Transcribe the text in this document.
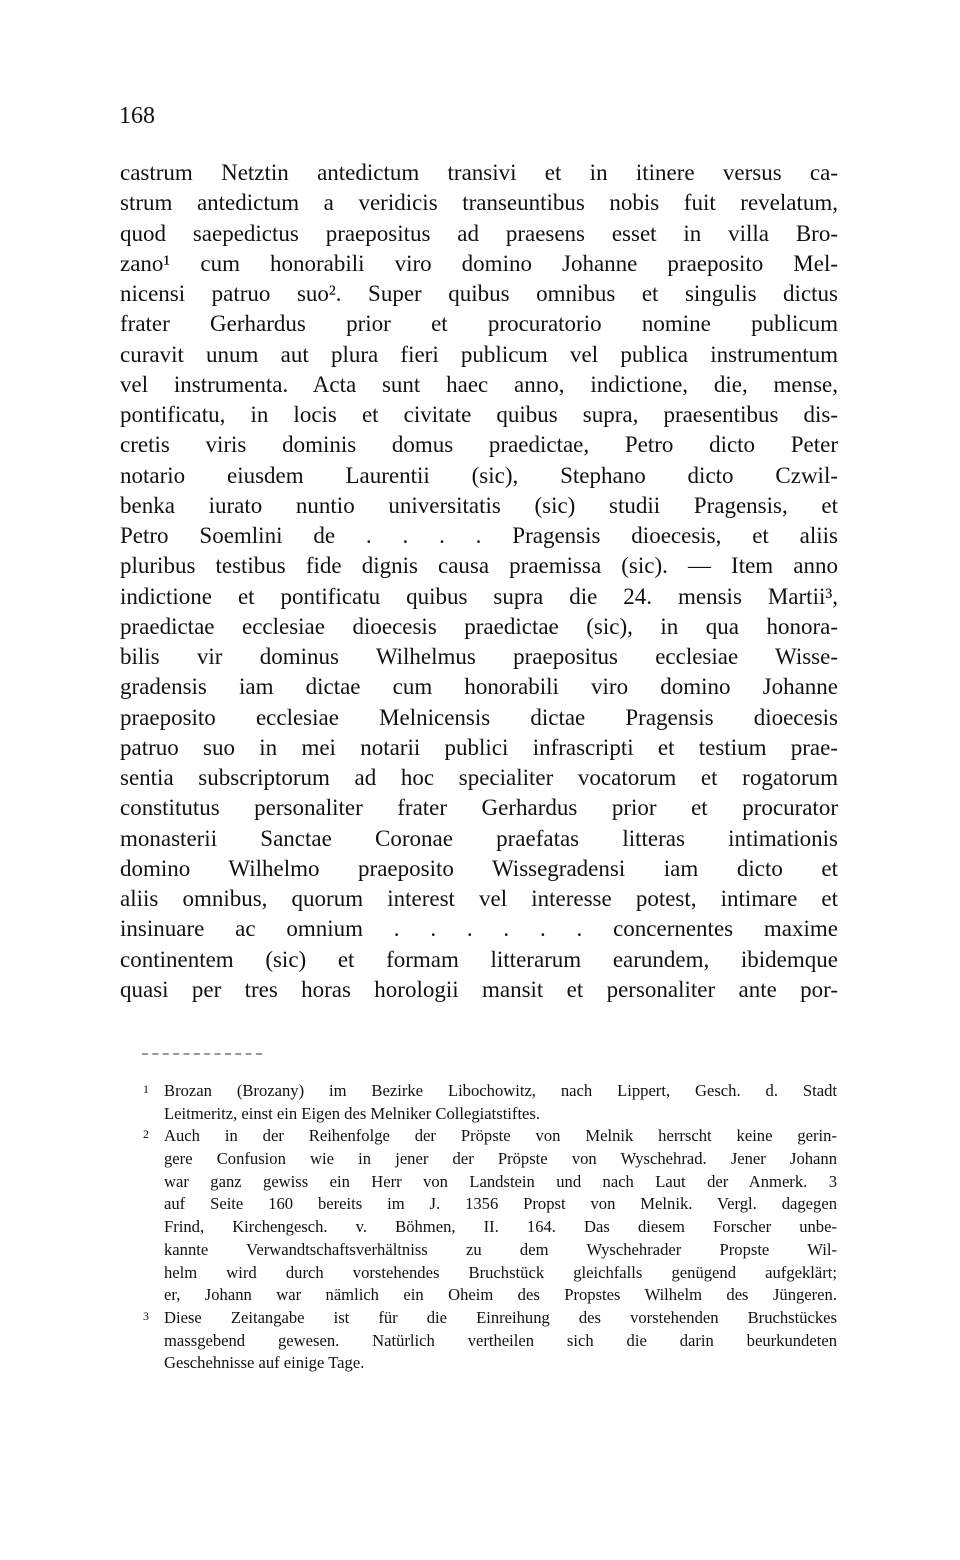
168
castrum Netztin antedictum transivi et in itinere versus ca-
strum antedictum a veridicis transeuntibus nobis fuit revelatum,
quod saepedictus praepositus ad praesens esset in villa Bro-
zano¹ cum honorabili viro domino Johanne praeposito Mel-
nicensi patruo suo². Super quibus omnibus et singulis dictus
frater Gerhardus prior et procuratorio nomine publicum
curavit unum aut plura fieri publicum vel publica instrumentum
vel instrumenta. Acta sunt haec anno, indictione, die, mense,
pontificatu, in locis et civitate quibus supra, praesentibus dis-
cretis viris dominis domus praedictae, Petro dicto Peter
notario eiusdem Laurentii (sic), Stephano dicto Czwil-
benka iurato nuntio universitatis (sic) studii Pragensis, et
Petro Soemlini de . . . . Pragensis dioecesis, et aliis
pluribus testibus fide dignis causa praemissa (sic). — Item anno
indictione et pontificatu quibus supra die 24. mensis Martii³,
praedictae ecclesiae dioecesis praedictae (sic), in qua honora-
bilis vir dominus Wilhelmus praepositus ecclesiae Wisse-
gradensis iam dictae cum honorabili viro domino Johanne
praeposito ecclesiae Melnicensis dictae Pragensis dioecesis
patruo suo in mei notarii publici infrascripti et testium prae-
sentia subscriptorum ad hoc specialiter vocatorum et rogatorum
constitutus personaliter frater Gerhardus prior et procurator
monasterii Sanctae Coronae praefatas litteras intimationis
domino Wilhelmo praeposito Wissegradensi iam dicto et
aliis omnibus, quorum interest vel interesse potest, intimare et
insinuare ac omnium . . . . . . concernentes maxime
continentem (sic) et formam litterarum earundem, ibidemque
quasi per tres horas horologii mansit et personaliter ante por-
1 Brozan (Brozany) im Bezirke Libochowitz, nach Lippert, Gesch. d. Stadt
Leitmeritz, einst ein Eigen des Melniker Collegiatstiftes.
2 Auch in der Reihenfolge der Pröpste von Melnik herrscht keine gerin-
gere Confusion wie in jener der Pröpste von Wyschehrad. Jener Johann
war ganz gewiss ein Herr von Landstein und nach Laut der Anmerk. 3
auf Seite 160 bereits im J. 1356 Propst von Melnik. Vergl. dagegen
Frind, Kirchengesch. v. Böhmen, II. 164. Das diesem Forscher unbe-
kannte Verwandtschaftsverhältniss zu dem Wyschehrader Propste Wil-
helm wird durch vorstehendes Bruchstück gleichfalls genügend aufgeklärt;
er, Johann war nämlich ein Oheim des Propstes Wilhelm des Jüngeren.
3 Diese Zeitangabe ist für die Einreihung des vorstehenden Bruchstückes
massgebend gewesen. Natürlich vertheilen sich die darin beurkundeten
Geschehnisse auf einige Tage.
